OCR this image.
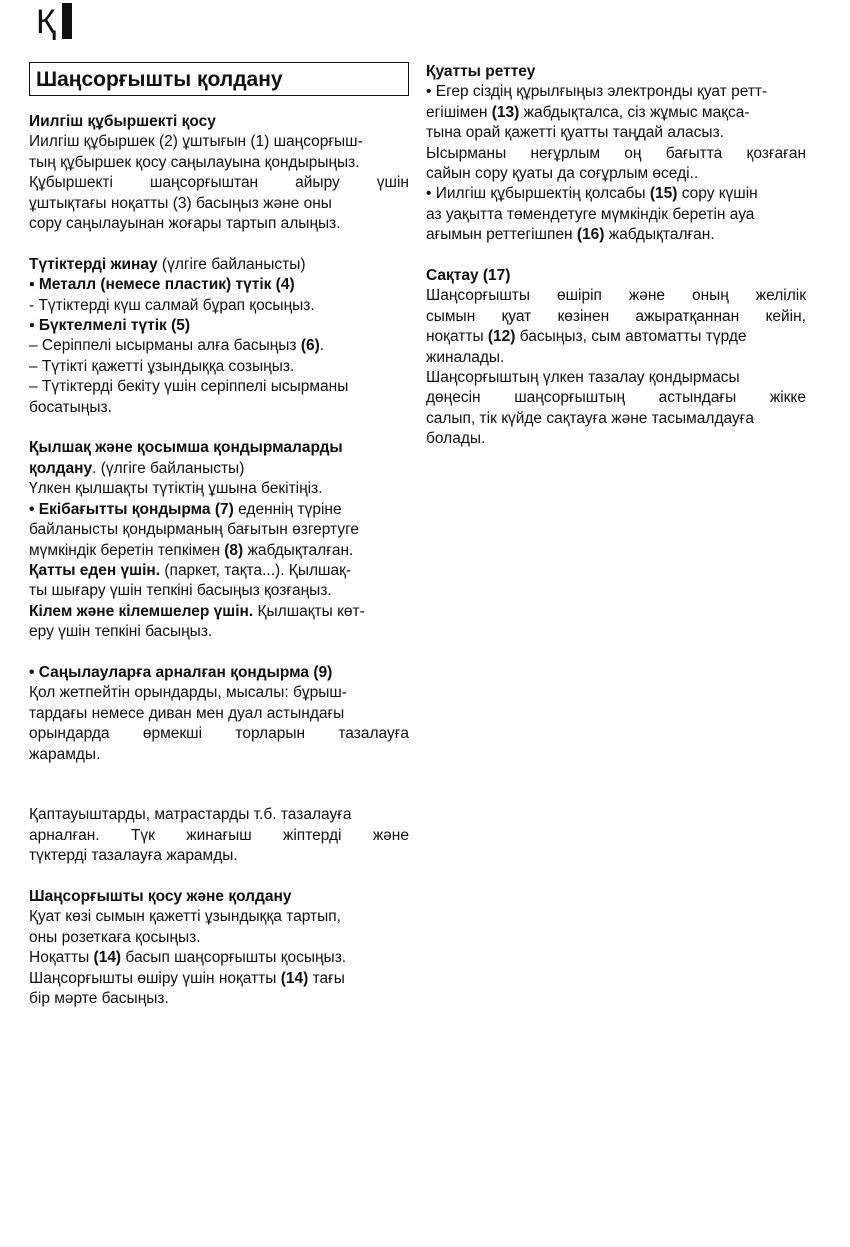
Қ
Шаңсорғышты қолдану

Иилгіш құбыршекті қосу

Иилгіш құбыршек (2) ұштығын (1) шаңсорғыш-

тың құбыршек қосу саңылауына қондырыңыз.

Құбыршекті шаңсорғыштан айыру үшін

ұштықтағы ноқатты (3) басыңыз және оны

сору саңылауынан жоғары тартып алыңыз.

Түтіктерді жинау (үлгіге байланысты)

▪ Металл (немесе пластик) түтік (4)

- Түтіктерді күш салмай бұрап қосыңыз.

▪ Бүктелмелі түтік (5)

– Серіппелі ысырманы алға басыңыз (6).

– Түтікті қажетті ұзындыққа созыңыз.

– Түтіктерді бекіту үшін серіппелі ысырманы

босатыңыз.

Қылшақ және қосымша қондырмаларды

қолдану. (үлгіге байланысты)

Үлкен қылшақты түтіктің ұшына бекітіңіз.

• Екібағытты қондырма (7) еденнің түріне

байланысты қондырманың бағытын өзгертуге

мүмкіндік беретін тепкімен (8) жабдықталған.

Қатты еден үшін. (паркет, тақта...). Қылшақ-

ты шығару үшін тепкіні басыңыз қозғаңыз.

Кілем және кілемшелер үшін. Қылшақты көт-

еру үшін тепкіні басыңыз.

• Саңылауларға арналған қондырма (9)

Қол жетпейтін орындарды, мысалы: бұрыш-

тардағы немесе диван мен дуал астындағы

орындарда өрмекші торларын тазалауға

жарамды.

Қаптауыштарды, матрастарды т.б. тазалауға

арналған. Түк жинағыш жіптерді және

түктерді тазалауға жарамды.

Шаңсорғышты қосу және қолдану

Қуат көзі сымын қажетті ұзындыққа тартып,

оны розеткаға қосыңыз.

Ноқатты (14) басып шаңсорғышты қосыңыз.

Шаңсорғышты өшіру үшін ноқатты (14) тағы

бір мәрте басыңыз.

Қуатты реттеу

• Егер сіздің құрылғыңыз электронды қуат ретт-

егішімен (13) жабдықталса, сіз жұмыс мақса-

тына орай қажетті қуатты таңдай аласыз.

Ысырманы неғұрлым оң бағытта қозғаған

сайын сору қуаты да соғұрлым өседі..

• Иилгіш құбыршектің қолсабы (15) сору күшін

аз уақытта төмендетуге мүмкіндік беретін ауа

ағымын реттегішпен (16) жабдықталған.

Сақтау (17)

Шаңсорғышты өшіріп және оның желілік

сымын қуат көзінен ажыратқаннан кейін,

ноқатты (12) басыңыз, сым автоматты түрде

жиналады.

Шаңсорғыштың үлкен тазалау қондырмасы

дөңесін шаңсорғыштың астындағы жікке

салып, тік күйде сақтауға және тасымалдауға

болады.
